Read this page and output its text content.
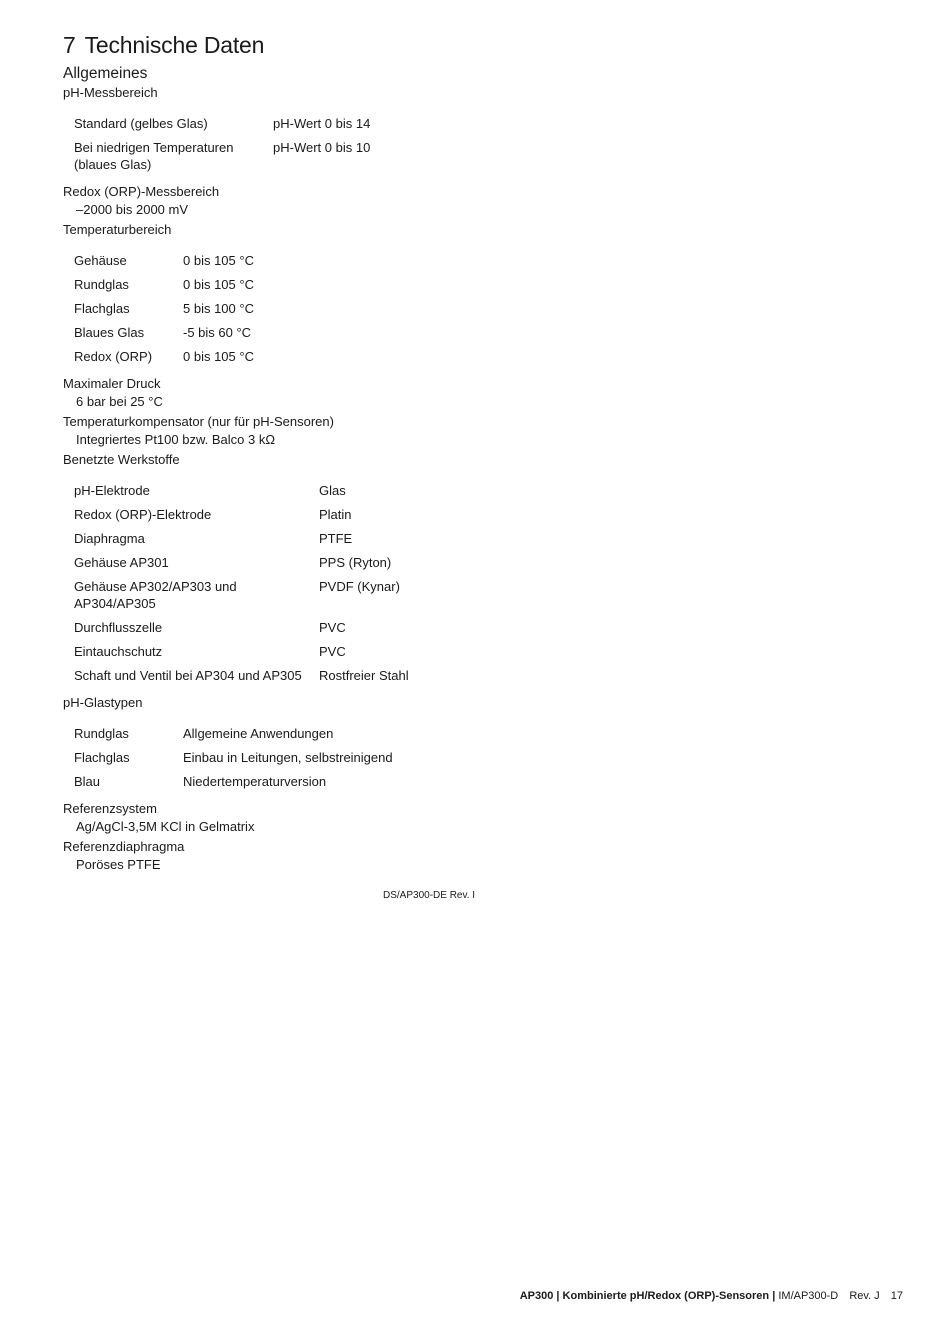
7 Technische Daten
Allgemeines

pH-Messbereich

Standard (gelbes Glas)	pH-Wert 0 bis 14
Bei niedrigen Temperaturen (blaues Glas)	pH-Wert 0 bis 10

Redox (ORP)-Messbereich

–2000 bis 2000 mV

Temperaturbereich

Gehäuse	0 bis 105 °C
Rundglas	0 bis 105 °C
Flachglas	5 bis 100 °C
Blaues Glas	-5 bis 60 °C
Redox (ORP)	0 bis 105 °C

Maximaler Druck

6 bar bei 25 °C

Temperaturkompensator (nur für pH-Sensoren)

Integriertes Pt100 bzw. Balco 3 kΩ

Benetzte Werkstoffe

pH-Elektrode	Glas
Redox (ORP)-Elektrode	Platin
Diaphragma	PTFE
Gehäuse AP301	PPS (Ryton)
Gehäuse AP302/AP303 und AP304/AP305	PVDF (Kynar)
Durchflusszelle	PVC
Eintauchschutz	PVC
Schaft und Ventil bei AP304 und AP305	Rostfreier Stahl

pH-Glastypen

Rundglas	Allgemeine Anwendungen
Flachglas	Einbau in Leitungen, selbstreinigend
Blau	Niedertemperaturversion

Referenzsystem

Ag/AgCl-3,5M KCl in Gelmatrix

Referenzdiaphragma

Poröses PTFE

DS/AP300-DE Rev. I
AP300 | Kombinierte pH/Redox (ORP)-Sensoren | IM/AP300-D Rev. J 17
